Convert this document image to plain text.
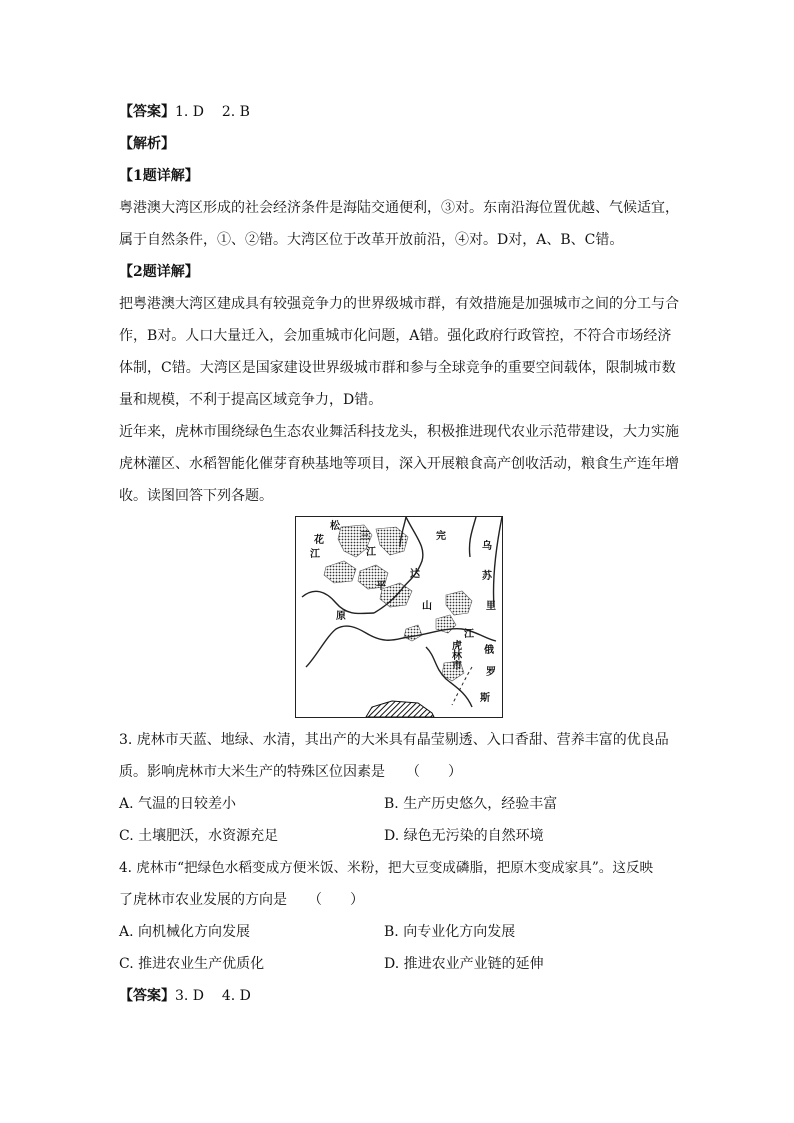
【答案】1. D    2. B
【解析】
【1题详解】
粤港澳大湾区形成的社会经济条件是海陆交通便利，③对。东南沿海位置优越、气候适宜，
属于自然条件，①、②错。大湾区位于改革开放前沿，④对。D对，A、B、C错。
【2题详解】
把粤港澳大湾区建成具有较强竞争力的世界级城市群，有效措施是加强城市之间的分工与合
作，B对。人口大量迁入，会加重城市化问题，A错。强化政府行政管控，不符合市场经济
体制，C错。大湾区是国家建设世界级城市群和参与全球竞争的重要空间载体，限制城市数
量和规模，不利于提高区域竞争力，D错。
近年来，虎林市围绕绿色生态农业舞活科技龙头，积极推进现代农业示范带建设，大力实施
虎林灌区、水稻智能化催芽育秧基地等项目，深入开展粮食高产创收活动，粮食生产连年增
收。读图回答下列各题。
松
花
江
三
江
平
原
完
达
山
乌
苏
里
江
虎
林
市
俄
罗
斯
3. 虎林市天蓝、地绿、水清，其出产的大米具有晶莹剔透、入口香甜、营养丰富的优良品
质。影响虎林市大米生产的特殊区位因素是　　（　　）
A. 气温的日较差小	B. 生产历史悠久，经验丰富
C. 土壤肥沃，水资源充足	D. 绿色无污染的自然环境
4. 虎林市“把绿色水稻变成方便米饭、米粉，把大豆变成磷脂，把原木变成家具”。这反映
了虎林市农业发展的方向是　　（　　）
A. 向机械化方向发展	B. 向专业化方向发展
C. 推进农业生产优质化	D. 推进农业产业链的延伸
【答案】3. D    4. D
